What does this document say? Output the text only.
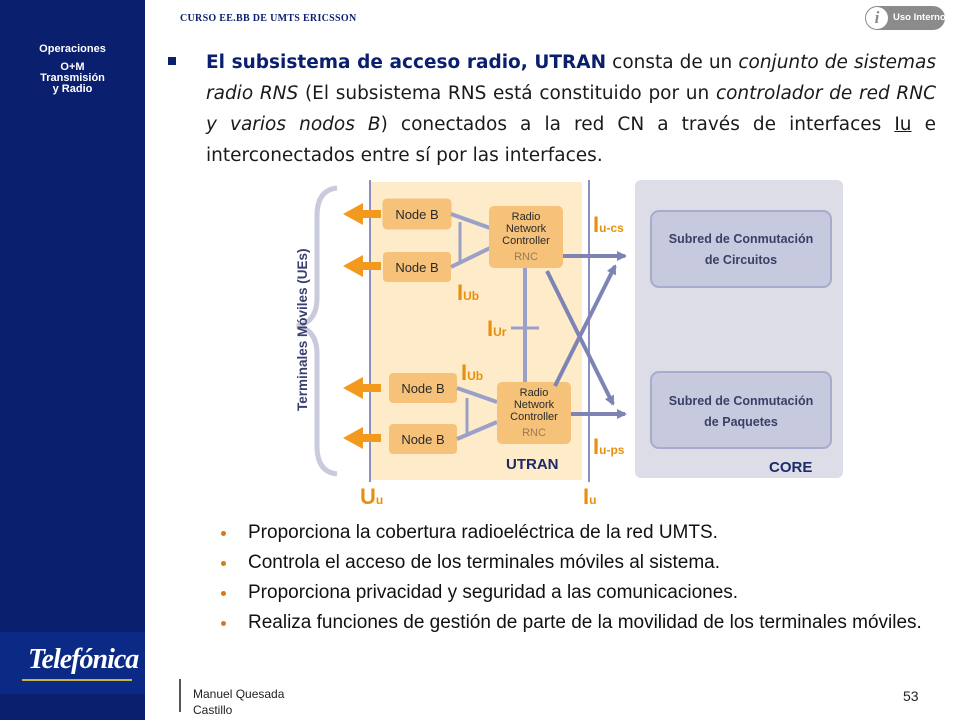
Operaciones
O+M
Transmisión
y Radio
Telefónica
CURSO EE.BB DE UMTS ERICSSON	i	Uso Interno
El subsistema de acceso radio, UTRAN consta de un conjunto de sistemas radio RNS (El subsistema RNS está constituido por un controlador de red RNC y varios nodos B) conectados a la red CN a través de interfaces Iu e interconectados entre sí por las interfaces.
Terminales Móviles (UEs)
Node B
Node B
Node B
Node B
Radio
Network
Controller
RNC
Radio
Network
Controller
RNC
Subred de Conmutación
de Circuitos
Subred de Conmutación
de Paquetes
IUb
IUr
IUb
Iu-cs
Iu-ps
Uu	Iu
UTRAN	CORE
Proporciona la cobertura radioeléctrica de la red UMTS.
Controla el acceso de los terminales móviles al sistema.
Proporciona privacidad y seguridad a las comunicaciones.
Realiza funciones de gestión de parte de la movilidad de los terminales móviles.
Manuel Quesada
Castillo
53
